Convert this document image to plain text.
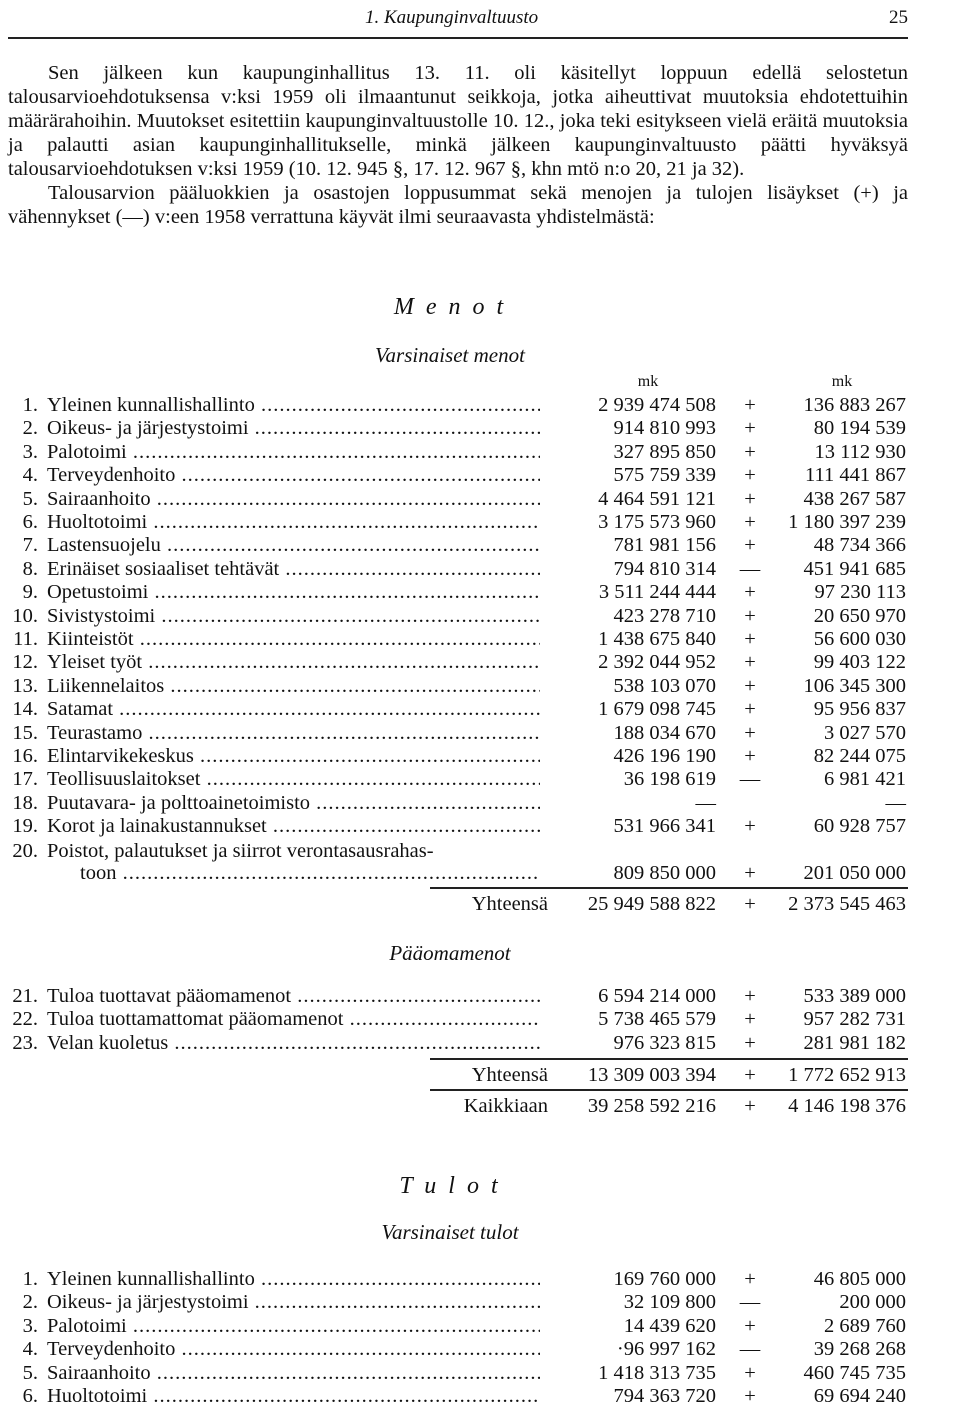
1. Kaupunginvaltuusto	25

Sen jälkeen kun kaupunginhallitus 13. 11. oli käsitellyt loppuun edellä selostetun talousarvioehdotuksensa v:ksi 1959 oli ilmaantunut seikkoja, jotka aiheuttivat muutoksia ehdotettuihin määrärahoihin. Muutokset esitettiin kaupunginvaltuustolle 10. 12., joka teki esitykseen vielä eräitä muutoksia ja palautti asian kaupunginhallitukselle, minkä jälkeen kaupunginvaltuusto päätti hyväksyä talousarvioehdotuksen v:ksi 1959 (10. 12. 945 §, 17. 12. 967 §, khn mtö n:o 20, 21 ja 32).

Talousarvion pääluokkien ja osastojen loppusummat sekä menojen ja tulojen lisäykset (+) ja vähennykset (—) v:een 1958 verrattuna käyvät ilmi seuraavasta yhdistelmästä:

M e n o t
Varsinaiset menot
mk	mk
1. Yleinen kunnallishallinto .....	2 939 474 508	+	136 883 267
2. Oikeus- ja järjestystoimi .....	914 810 993	+	80 194 539
3. Palotoimi .....	327 895 850	+	13 112 930
4. Terveydenhoito .....	575 759 339	+	111 441 867
5. Sairaanhoito .....	4 464 591 121	+	438 267 587
6. Huoltotoimi .....	3 175 573 960	+	1 180 397 239
7. Lastensuojelu .....	781 981 156	+	48 734 366
8. Erinäiset sosiaaliset tehtävät .....	794 810 314	—	451 941 685
9. Opetustoimi .....	3 511 244 444	+	97 230 113
10. Sivistystoimi .....	423 278 710	+	20 650 970
11. Kiinteistöt .....	1 438 675 840	+	56 600 030
12. Yleiset työt .....	2 392 044 952	+	99 403 122
13. Liikennelaitos .....	538 103 070	+	106 345 300
14. Satamat .....	1 679 098 745	+	95 956 837
15. Teurastamo .....	188 034 670	+	3 027 570
16. Elintarvikekeskus .....	426 196 190	+	82 244 075
17. Teollisuuslaitokset .....	36 198 619	—	6 981 421
18. Puutavara- ja polttoainetoimisto .....	—	—
19. Korot ja lainakustannukset .....	531 966 341	+	60 928 757
20. Poistot, palautukset ja siirrot verontasausrahas-
toon .....	809 850 000	+	201 050 000
Yhteensä	25 949 588 822	+	2 373 545 463
Pääomamenot
21. Tuloa tuottavat pääomamenot .....	6 594 214 000	+	533 389 000
22. Tuloa tuottamattomat pääomamenot .....	5 738 465 579	+	957 282 731
23. Velan kuoletus .....	976 323 815	+	281 981 182
Yhteensä	13 309 003 394	+	1 772 652 913
Kaikkiaan	39 258 592 216	+	4 146 198 376
T u l o t
Varsinaiset tulot
1. Yleinen kunnallishallinto .....	169 760 000	+	46 805 000
2. Oikeus- ja järjestystoimi .....	32 109 800	—	200 000
3. Palotoimi .....	14 439 620	+	2 689 760
4. Terveydenhoito .....	·96 997 162	—	39 268 268
5. Sairaanhoito .....	1 418 313 735	+	460 745 735
6. Huoltotoimi .....	794 363 720	+	69 694 240
